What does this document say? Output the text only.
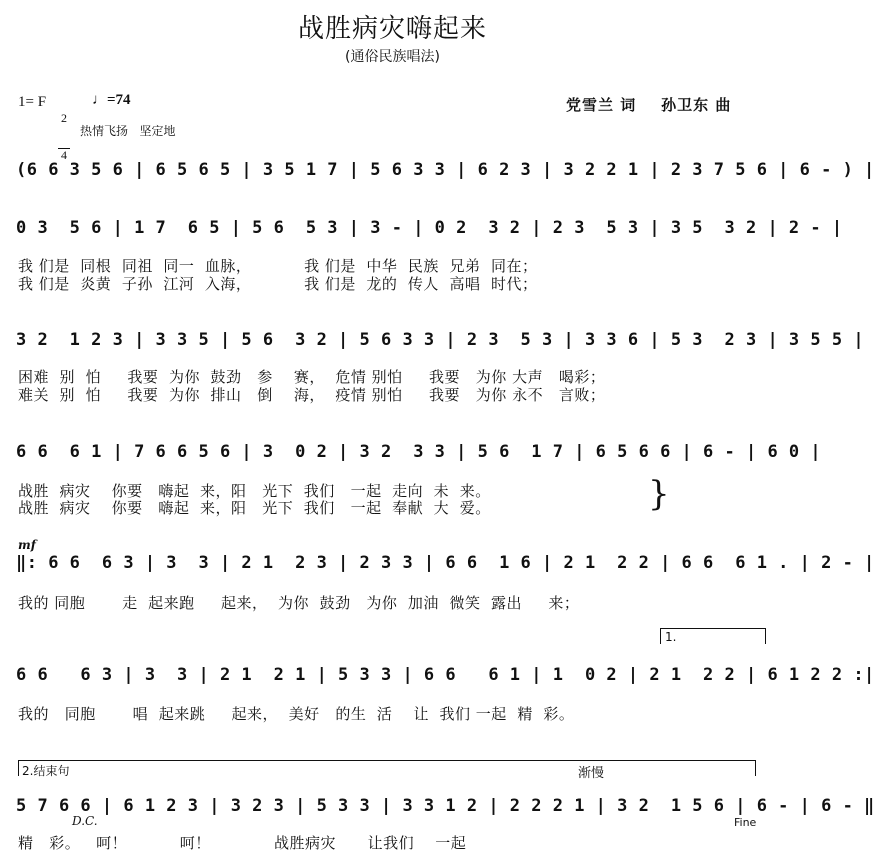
战胜病灾嗨起来
(通俗民族唱法)
1= F

2

4

♩=74	党雪兰 词    孙卫东 曲
热情飞扬   坚定地
(6 6 3 5 6 | 6 5 6 5 | 3 5 1 7 | 5 6 3 3 | 6 2 3 | 3 2 2 1 | 2 3 7 5 6 | 6 - ) |
0 3  5 6 | 1 7  6 5 | 5 6  5 3 | 3 - | 0 2  3 2 | 2 3  5 3 | 3 5  3 2 | 2 - |
我 们是  同根  同祖  同一  血脉，          我 们是  中华  民族  兄弟  同在；
我 们是  炎黄  子孙  江河  入海，          我 们是  龙的  传人  高唱  时代；
3 2  1 2 3 | 3 3 5 | 5 6  3 2 | 5 6 3 3 | 2 3  5 3 | 3 3 6 | 5 3  2 3 | 3 5 5 |
困难  别  怕     我要  为你  鼓劲   参    赛，  危情 别怕     我要   为你 大声   喝彩；
难关  别  怕     我要  为你  排山   倒    海，  疫情 别怕     我要   为你 永不   言败；
6 6  6 1 | 7 6 6 5 6 | 3  0 2 | 3 2  3 3 | 5 6  1 7 | 6 5 6 6 | 6 - | 6 0 |
战胜  病灾    你要   嗨起  来，阳   光下  我们   一起  走向  未  来。
战胜  病灾    你要   嗨起  来，阳   光下  我们   一起  奉献  大  爱。	}
mf
‖: 6 6  6 3 | 3  3 | 2 1  2 3 | 2 3 3 | 6 6  1 6 | 2 1  2 2 | 6 6  6 1 . | 2 - |
我的 同胞       走  起来跑     起来，  为你  鼓劲   为你  加油  微笑  露出     来；
1.
6 6   6 3 | 3  3 | 2 1  2 1 | 5 3 3 | 6 6   6 1 | 1  0 2 | 2 1  2 2 | 6 1 2 2 :|
我的   同胞       唱  起来跳     起来，  美好   的生  活    让  我们 一起  精  彩。
2.结束句	渐慢
5 7 6 6 | 6 1 2 3 | 3 2 3 | 5 3 3 | 3 3 1 2 | 2 2 2 1 | 3 2  1 5 6 | 6 - | 6 - ‖
D.C.	Fine
精   彩。   呵！          呵！            战胜病灾      让我们    一起
